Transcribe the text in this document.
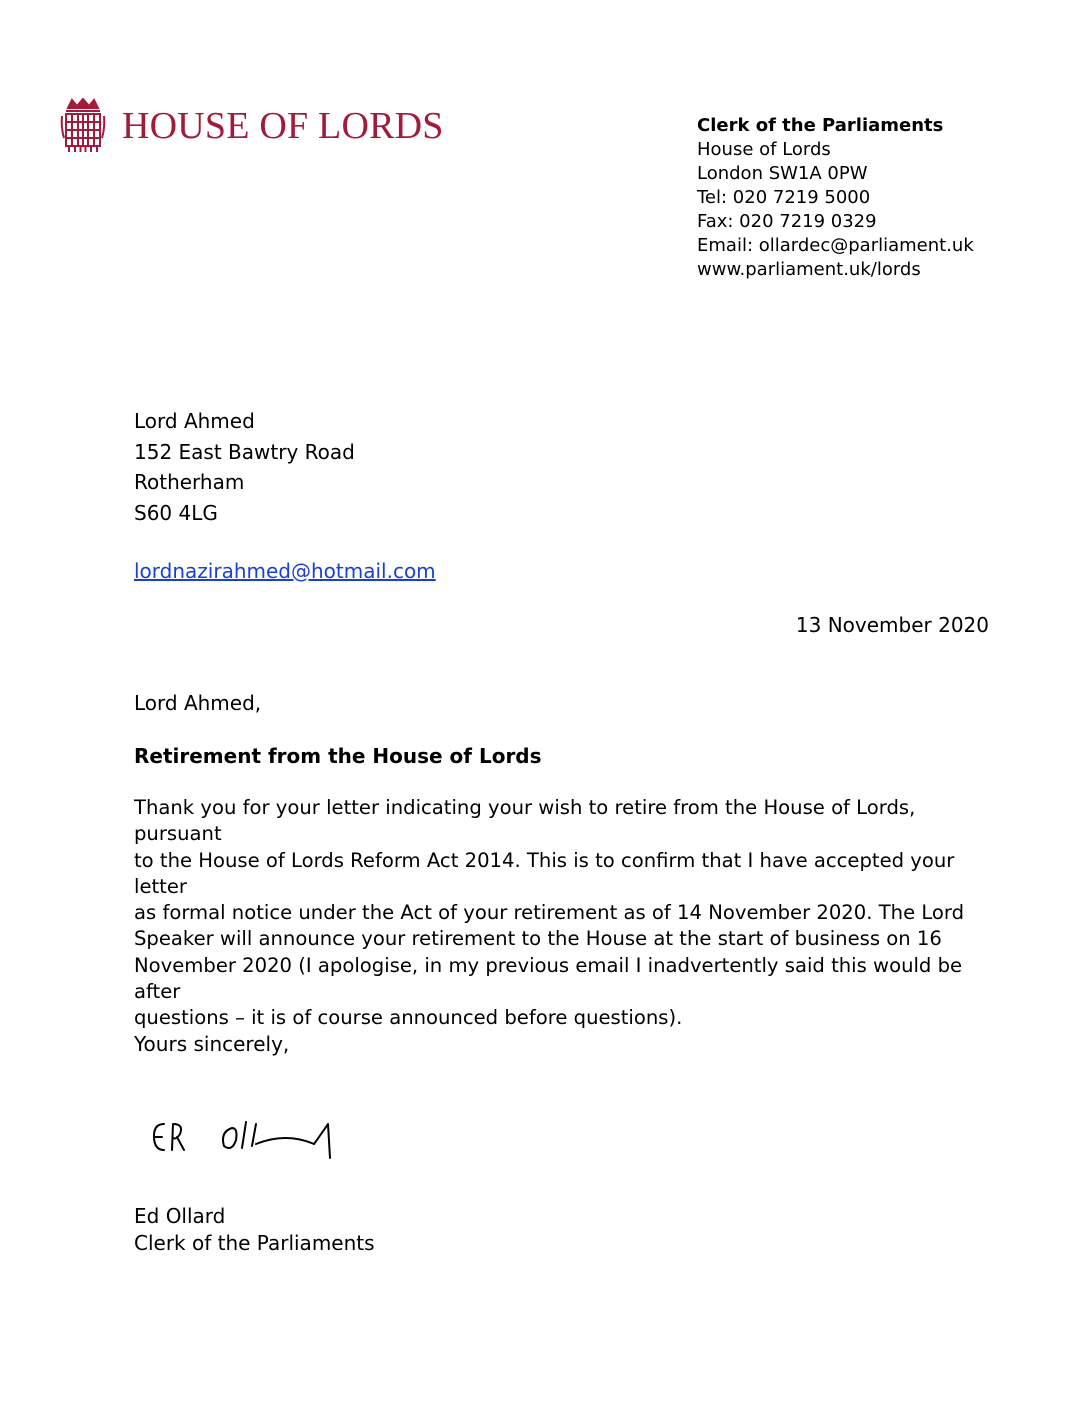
HOUSE OF LORDS	Clerk of the Parliaments
House of Lords
London SW1A 0PW
Tel: 020 7219 5000
Fax: 020 7219 0329
Email: ollardec@parliament.uk
www.parliament.uk/lords
Lord Ahmed
152 East Bawtry Road
Rotherham
S60 4LG
lordnazirahmed@hotmail.com
13 November 2020
Lord Ahmed,
Retirement from the House of Lords
Thank you for your letter indicating your wish to retire from the House of Lords, pursuant
to the House of Lords Reform Act 2014. This is to confirm that I have accepted your letter
as formal notice under the Act of your retirement as of 14 November 2020. The Lord
Speaker will announce your retirement to the House at the start of business on 16
November 2020 (I apologise, in my previous email I inadvertently said this would be after
questions – it is of course announced before questions).
Yours sincerely,
Ed Ollard
Clerk of the Parliaments
